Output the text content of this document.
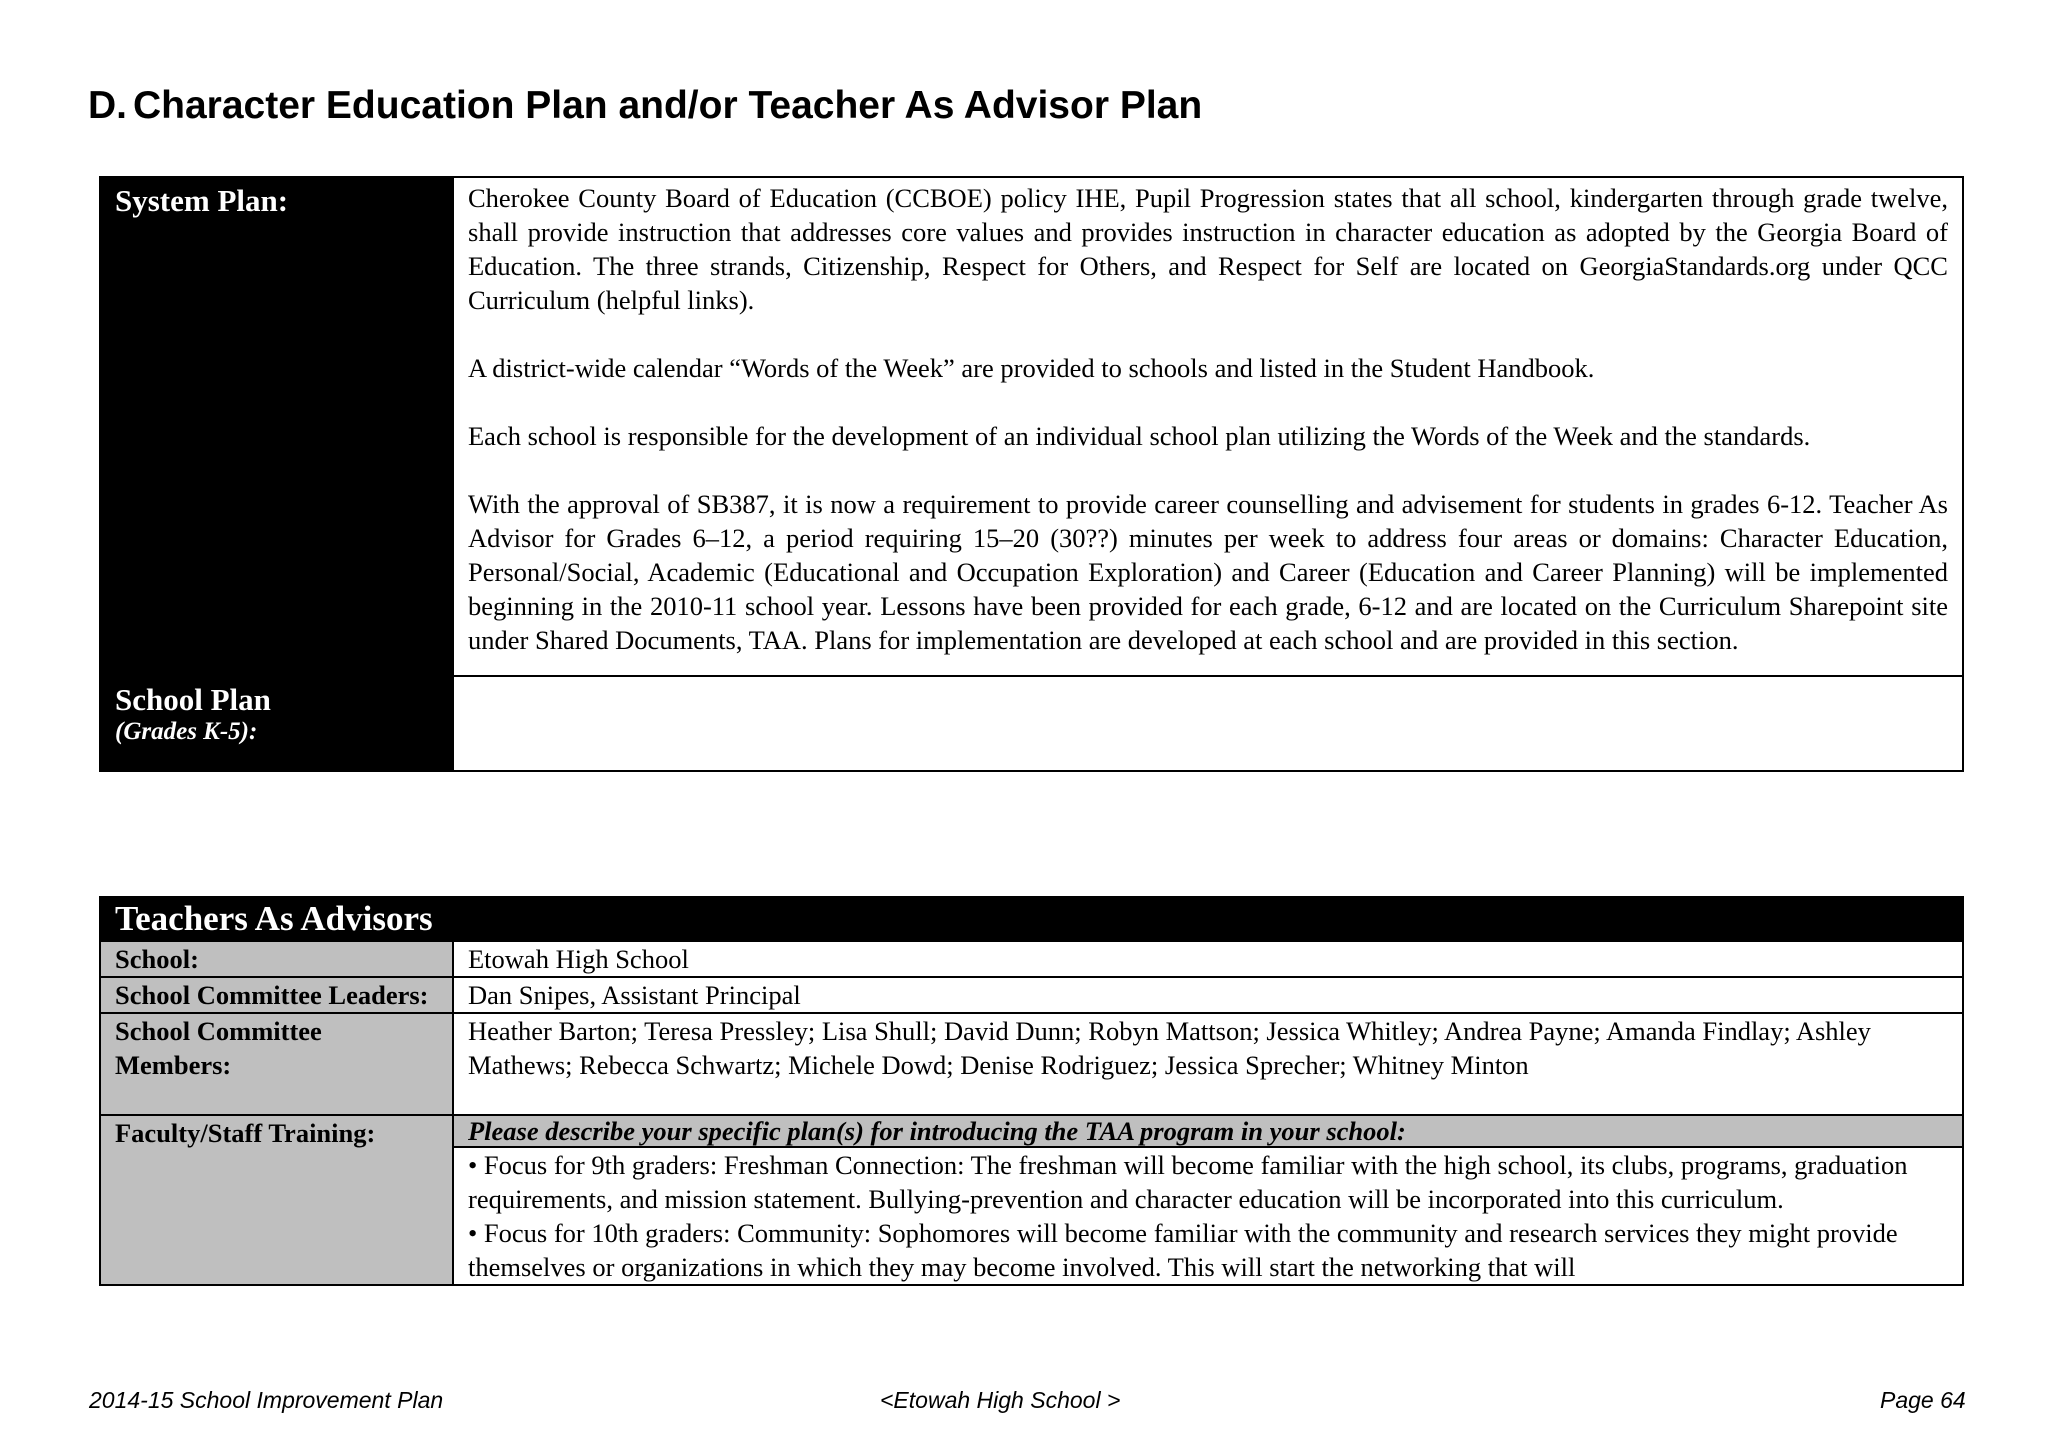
D. Character Education Plan and/or Teacher As Advisor Plan
System Plan:	Cherokee County Board of Education (CCBOE) policy IHE, Pupil Progression states that all school, kindergarten through grade twelve, shall provide instruction that addresses core values and provides instruction in character education as adopted by the Georgia Board of Education. The three strands, Citizenship, Respect for Others, and Respect for Self are located on GeorgiaStandards.org under QCC Curriculum (helpful links).

A district-wide calendar “Words of the Week” are provided to schools and listed in the Student Handbook.

Each school is responsible for the development of an individual school plan utilizing the Words of the Week and the standards.

With the approval of SB387, it is now a requirement to provide career counselling and advisement for students in grades 6-12. Teacher As Advisor for Grades 6–12, a period requiring 15–20 (30??) minutes per week to address four areas or domains: Character Education, Personal/Social, Academic (Educational and Occupation Exploration) and Career (Education and Career Planning) will be implemented beginning in the 2010-11 school year. Lessons have been provided for each grade, 6-12 and are located on the Curriculum Sharepoint site under Shared Documents, TAA. Plans for implementation are developed at each school and are provided in this section.

School Plan
(Grades K-5):	

Teachers As Advisors	
School:	Etowah High School
School Committee Leaders:	Dan Snipes, Assistant Principal
School Committee Members:	Heather Barton; Teresa Pressley; Lisa Shull; David Dunn; Robyn Mattson; Jessica Whitley; Andrea Payne; Amanda Findlay; Ashley Mathews; Rebecca Schwartz; Michele Dowd; Denise Rodriguez; Jessica Sprecher; Whitney Minton
Faculty/Staff Training:	Please describe your specific plan(s) for introducing the TAA program in your school:

	• Focus for 9th graders: Freshman Connection: The freshman will become familiar with the high school, its clubs, programs, graduation requirements, and mission statement. Bullying-prevention and character education will be incorporated into this curriculum.
• Focus for 10th graders: Community: Sophomores will become familiar with the community and research services they might provide themselves or organizations in which they may become involved. This will start the networking that will
2014-15 School Improvement Plan	<Etowah High School >	Page 64
